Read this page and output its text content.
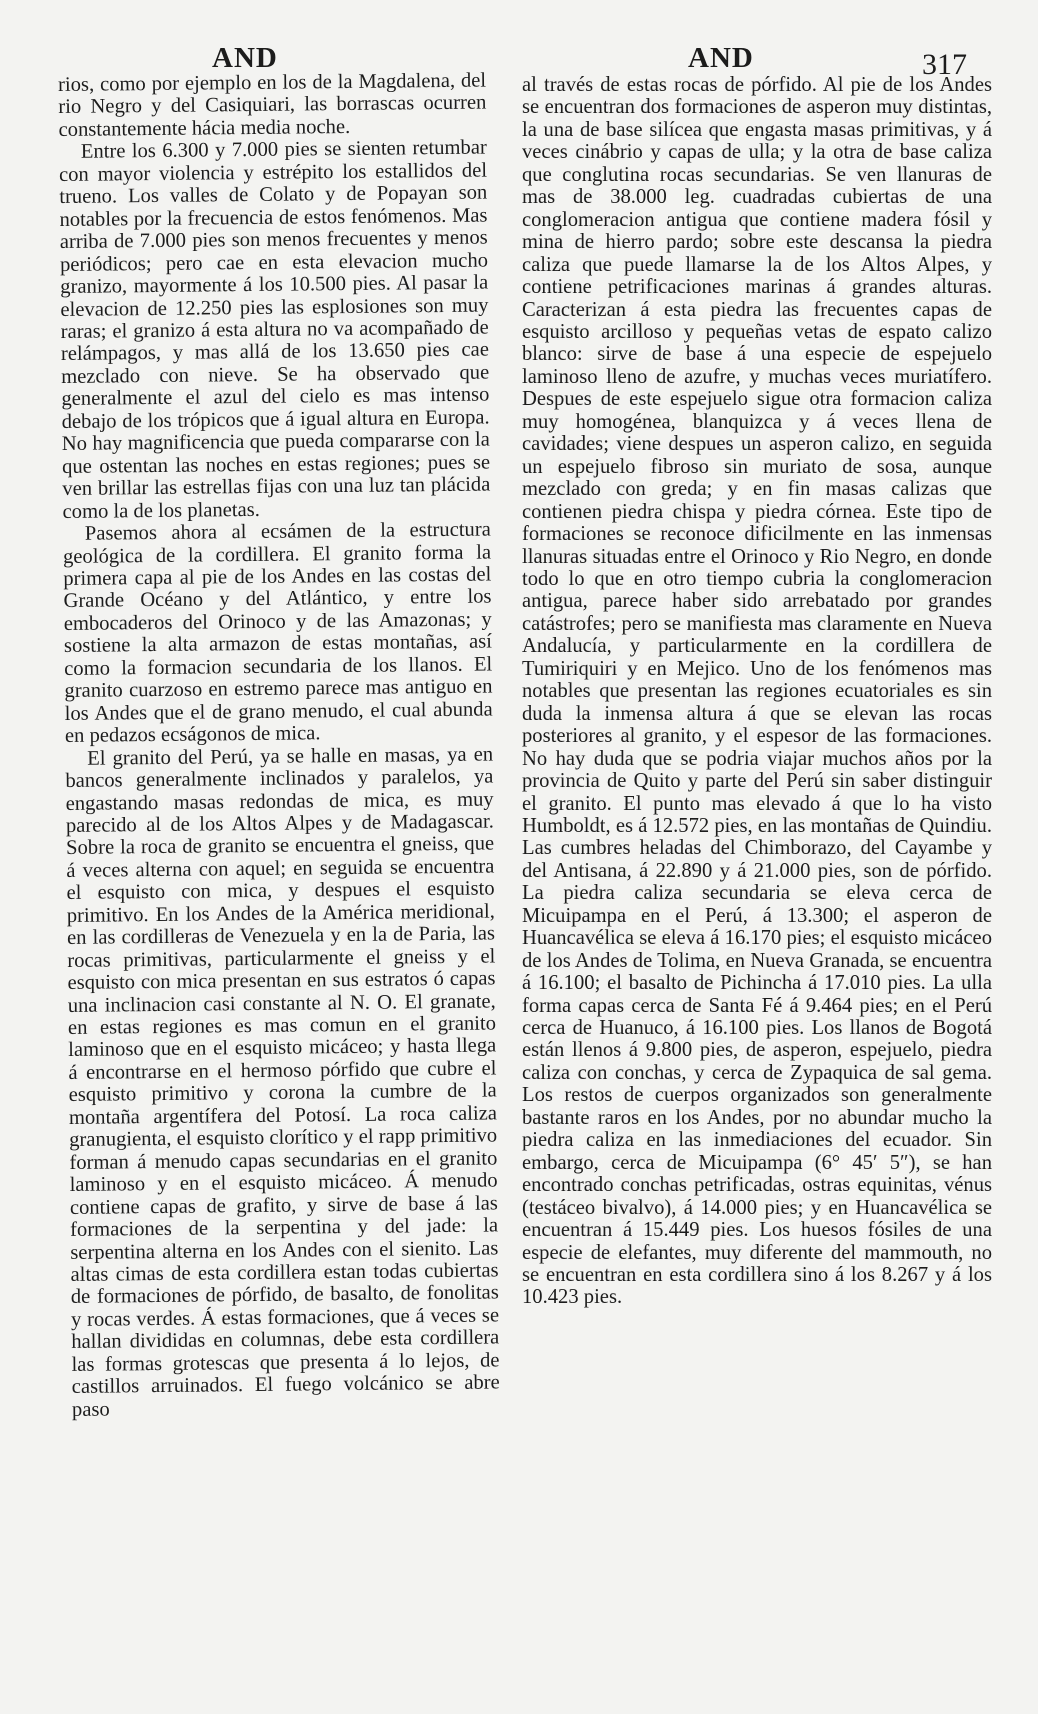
AND	AND	317

rios, como por ejemplo en los de la Magdalena, del rio Negro y del Casiquiari, las borrascas ocurren constantemente hácia media noche.

Entre los 6.300 y 7.000 pies se sienten retumbar con mayor violencia y estrépito los estallidos del trueno. Los valles de Colato y de Popayan son notables por la frecuencia de estos fenómenos. Mas arriba de 7.000 pies son menos frecuentes y menos periódicos; pero cae en esta elevacion mucho granizo, mayormente á los 10.500 pies. Al pasar la elevacion de 12.250 pies las esplosiones son muy raras; el granizo á esta altura no va acompañado de relámpagos, y mas allá de los 13.650 pies cae mezclado con nieve. Se ha observado que generalmente el azul del cielo es mas intenso debajo de los trópicos que á igual altura en Europa. No hay magnificencia que pueda compararse con la que ostentan las noches en estas regiones; pues se ven brillar las estrellas fijas con una luz tan plácida como la de los planetas.

Pasemos ahora al ecsámen de la estructura geológica de la cordillera. El granito forma la primera capa al pie de los Andes en las costas del Grande Océano y del Atlántico, y entre los embocaderos del Orinoco y de las Amazonas; y sostiene la alta armazon de estas montañas, así como la formacion secundaria de los llanos. El granito cuarzoso en estremo parece mas antiguo en los Andes que el de grano menudo, el cual abunda en pedazos ecságonos de mica.

El granito del Perú, ya se halle en masas, ya en bancos generalmente inclinados y paralelos, ya engastando masas redondas de mica, es muy parecido al de los Altos Alpes y de Madagascar. Sobre la roca de granito se encuentra el gneiss, que á veces alterna con aquel; en seguida se encuentra el esquisto con mica, y despues el esquisto primitivo. En los Andes de la América meridional, en las cordilleras de Venezuela y en la de Paria, las rocas primitivas, particularmente el gneiss y el esquisto con mica presentan en sus estratos ó capas una inclinacion casi constante al N. O. El granate, en estas regiones es mas comun en el granito laminoso que en el esquisto micáceo; y hasta llega á encontrarse en el hermoso pórfido que cubre el esquisto primitivo y corona la cumbre de la montaña argentífera del Potosí. La roca caliza granugienta, el esquisto clorítico y el rapp primitivo forman á menudo capas secundarias en el granito laminoso y en el esquisto micáceo. Á menudo contiene capas de grafito, y sirve de base á las formaciones de la serpentina y del jade: la serpentina alterna en los Andes con el sienito. Las altas cimas de esta cordillera estan todas cubiertas de formaciones de pórfido, de basalto, de fonolitas y rocas verdes. Á estas formaciones, que á veces se hallan divididas en columnas, debe esta cordillera las formas grotescas que presenta á lo lejos, de castillos arruinados. El fuego volcánico se abre paso

al través de estas rocas de pórfido. Al pie de los Andes se encuentran dos formaciones de asperon muy distintas, la una de base silícea que engasta masas primitivas, y á veces cinábrio y capas de ulla; y la otra de base caliza que conglutina rocas secundarias. Se ven llanuras de mas de 38.000 leg. cuadradas cubiertas de una conglomeracion antigua que contiene madera fósil y mina de hierro pardo; sobre este descansa la piedra caliza que puede llamarse la de los Altos Alpes, y contiene petrificaciones marinas á grandes alturas. Caracterizan á esta piedra las frecuentes capas de esquisto arcilloso y pequeñas vetas de espato calizo blanco: sirve de base á una especie de espejuelo laminoso lleno de azufre, y muchas veces muriatífero. Despues de este espejuelo sigue otra formacion caliza muy homogénea, blanquizca y á veces llena de cavidades; viene despues un asperon calizo, en seguida un espejuelo fibroso sin muriato de sosa, aunque mezclado con greda; y en fin masas calizas que contienen piedra chispa y piedra córnea. Este tipo de formaciones se reconoce dificilmente en las inmensas llanuras situadas entre el Orinoco y Rio Negro, en donde todo lo que en otro tiempo cubria la conglomeracion antigua, parece haber sido arrebatado por grandes catástrofes; pero se manifiesta mas claramente en Nueva Andalucía, y particularmente en la cordillera de Tumiriquiri y en Mejico. Uno de los fenómenos mas notables que presentan las regiones ecuatoriales es sin duda la inmensa altura á que se elevan las rocas posteriores al granito, y el espesor de las formaciones. No hay duda que se podria viajar muchos años por la provincia de Quito y parte del Perú sin saber distinguir el granito. El punto mas elevado á que lo ha visto Humboldt, es á 12.572 pies, en las montañas de Quindiu. Las cumbres heladas del Chimborazo, del Cayambe y del Antisana, á 22.890 y á 21.000 pies, son de pórfido. La piedra caliza secundaria se eleva cerca de Micuipampa en el Perú, á 13.300; el asperon de Huancavélica se eleva á 16.170 pies; el esquisto micáceo de los Andes de Tolima, en Nueva Granada, se encuentra á 16.100; el basalto de Pichincha á 17.010 pies. La ulla forma capas cerca de Santa Fé á 9.464 pies; en el Perú cerca de Huanuco, á 16.100 pies. Los llanos de Bogotá están llenos á 9.800 pies, de asperon, espejuelo, piedra caliza con conchas, y cerca de Zypaquica de sal gema. Los restos de cuerpos organizados son generalmente bastante raros en los Andes, por no abundar mucho la piedra caliza en las inmediaciones del ecuador. Sin embargo, cerca de Micuipampa (6° 45′ 5″), se han encontrado conchas petrificadas, ostras equinitas, vénus (testáceo bivalvo), á 14.000 pies; y en Huancavélica se encuentran á 15.449 pies. Los huesos fósiles de una especie de elefantes, muy diferente del mammouth, no se encuentran en esta cordillera sino á los 8.267 y á los 10.423 pies.
